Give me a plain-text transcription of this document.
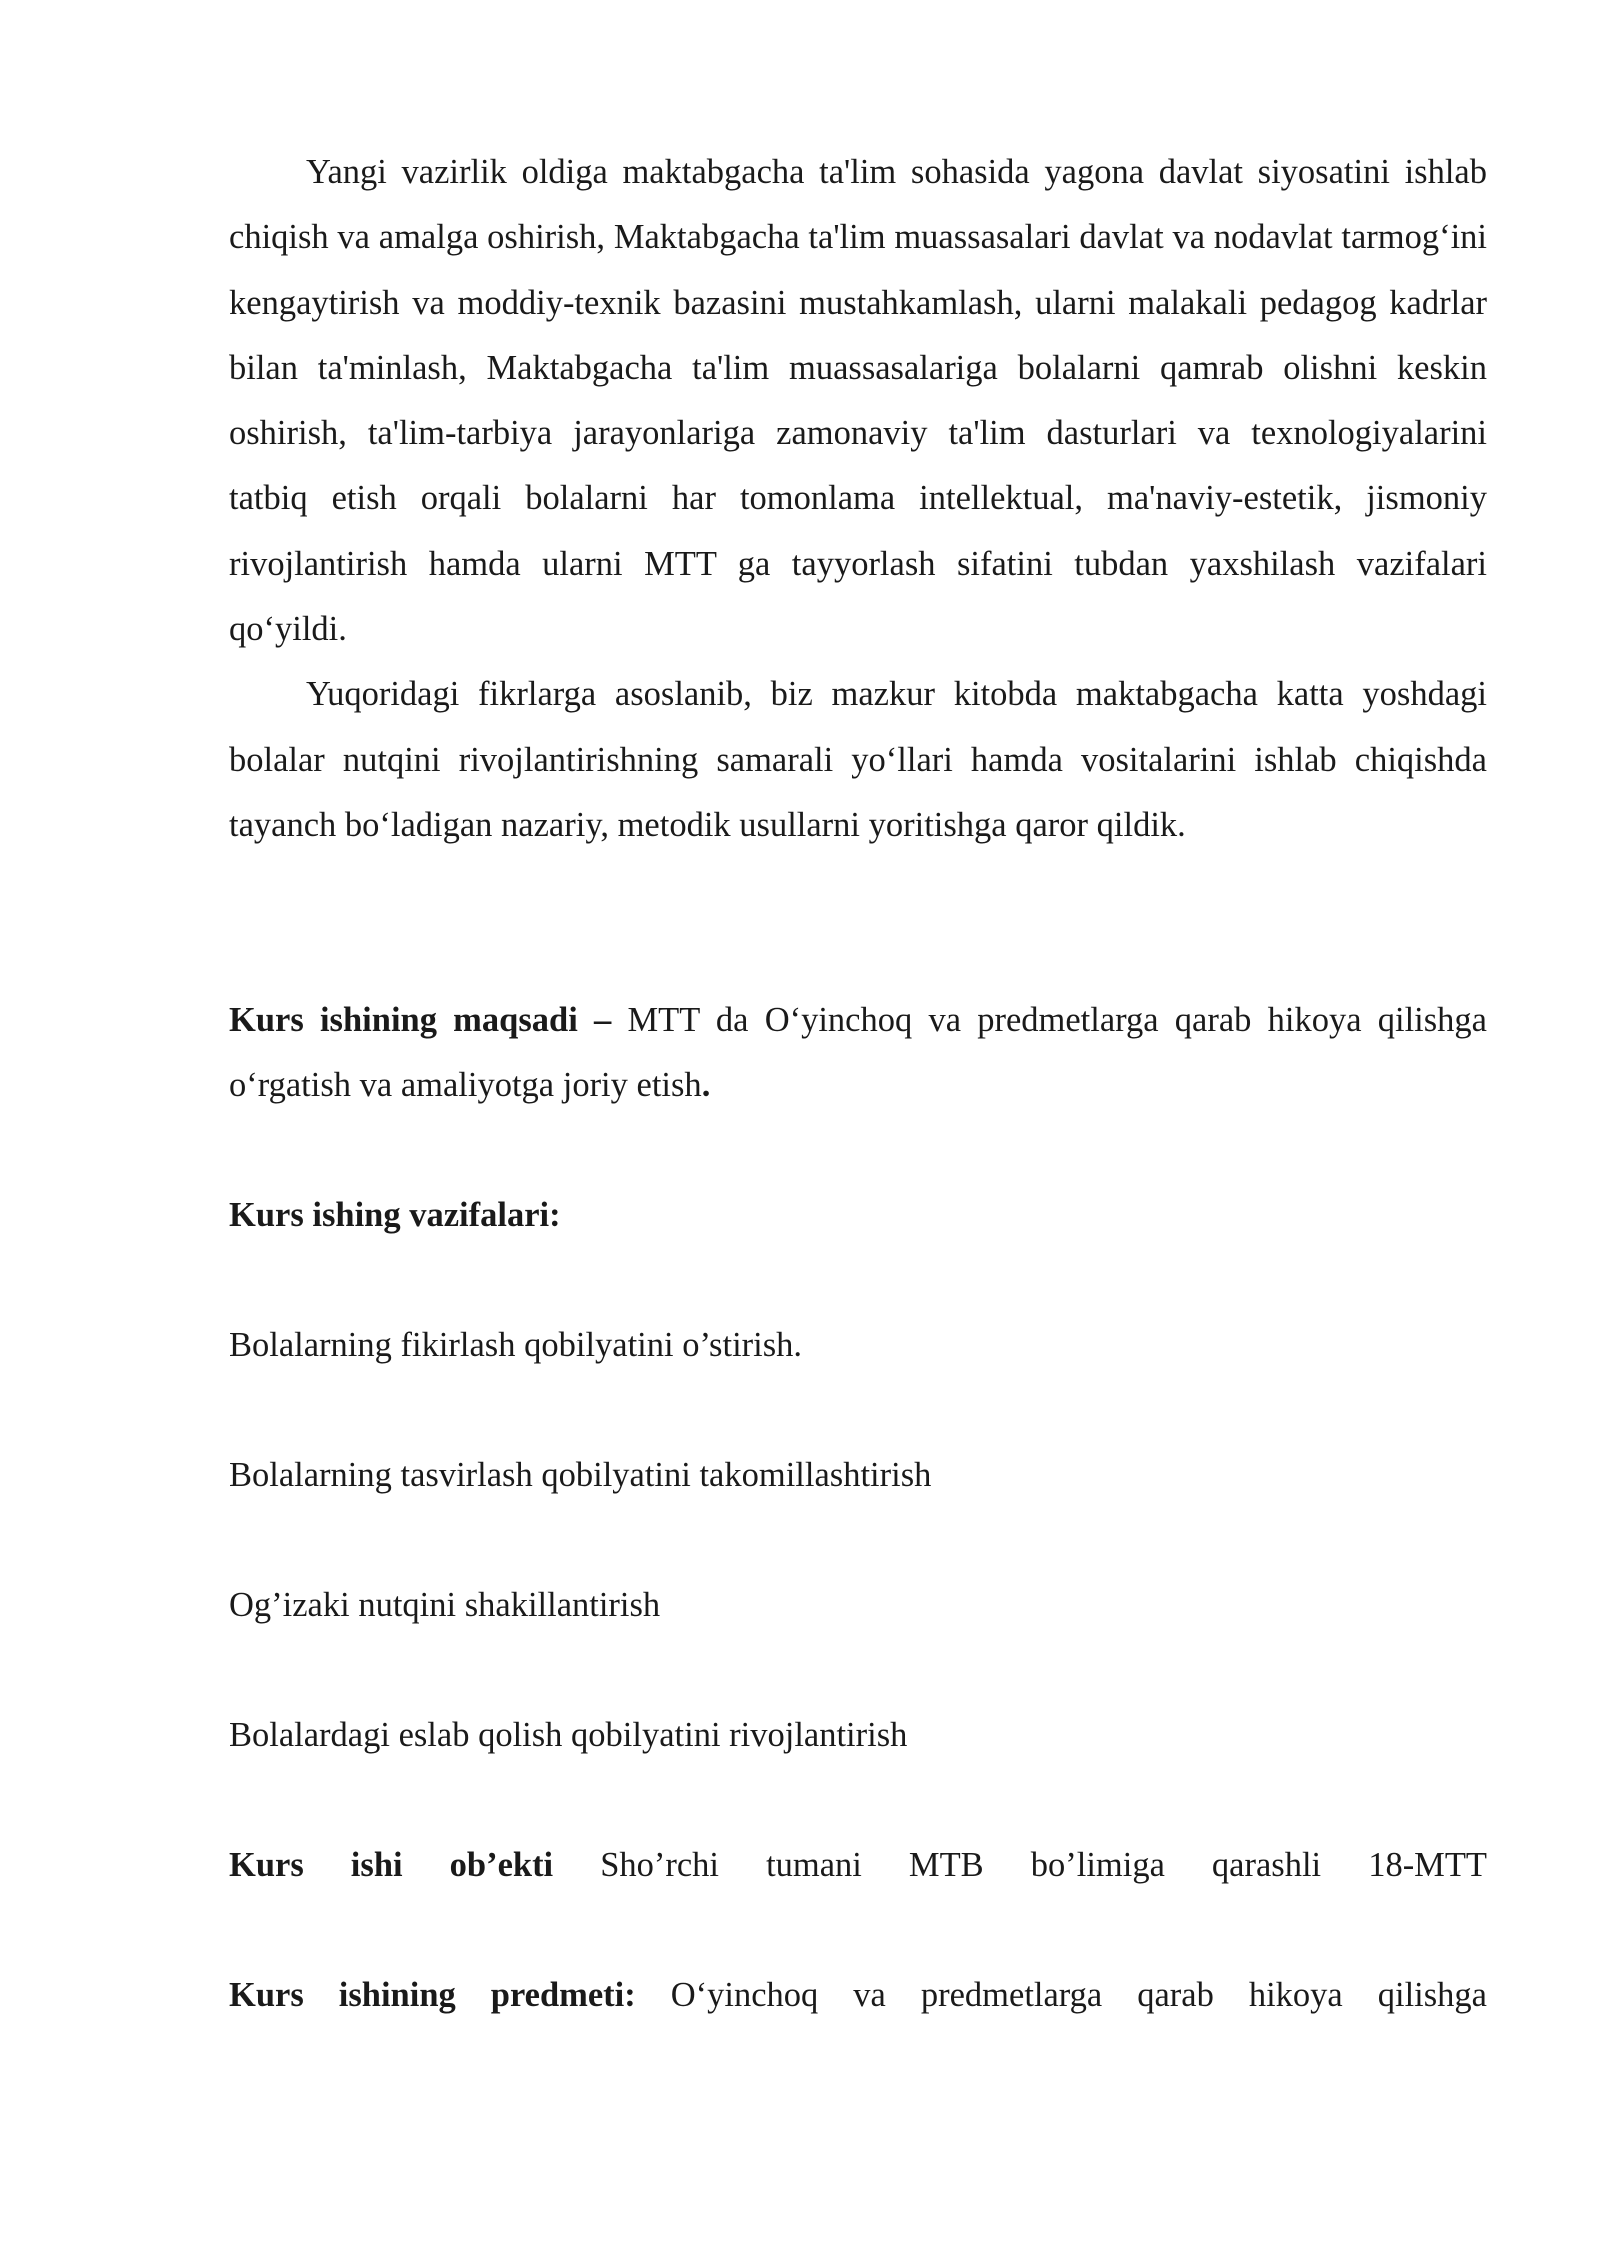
Yangi vazirlik oldiga maktabgacha ta'lim sohasida yagona davlat siyosatini ishlab chiqish va amalga oshirish, Maktabgacha ta'lim muassasalari davlat va nodavlat tarmog‘ini kengaytirish va moddiy-texnik bazasini mustahkamlash, ularni malakali pedagog kadrlar bilan ta'minlash, Maktabgacha ta'lim muassasalariga bolalarni qamrab olishni keskin oshirish, ta'lim-tarbiya jarayonlariga zamonaviy ta'lim dasturlari va texnologiyalarini tatbiq etish orqali bolalarni har tomonlama intellektual, ma'naviy-estetik, jismoniy rivojlantirish hamda ularni MTT ga tayyorlash sifatini tubdan yaxshilash vazifalari qo‘yildi.

Yuqoridagi fikrlarga asoslanib, biz mazkur kitobda maktabgacha katta yoshdagi bolalar nutqini rivojlantirishning samarali yo‘llari hamda vositalarini ishlab chiqishda tayanch bo‘ladigan nazariy, metodik usullarni yoritishga qaror qildik.

Kurs ishining maqsadi – MTT da O‘yinchoq va predmetlarga qarab hikoya qilishga o‘rgatish va amaliyotga joriy etish.

Kurs ishing vazifalari:

Bolalarning fikirlash qobilyatini o’stirish.

Bolalarning tasvirlash qobilyatini takomillashtirish

Og’izaki nutqini shakillantirish

Bolalardagi eslab qolish qobilyatini rivojlantirish

Kurs ishi ob’ekti Sho’rchi tumani MTB bo’limiga qarashli 18-MTT

Kurs ishining predmeti: O‘yinchoq va predmetlarga qarab hikoya qilishga
